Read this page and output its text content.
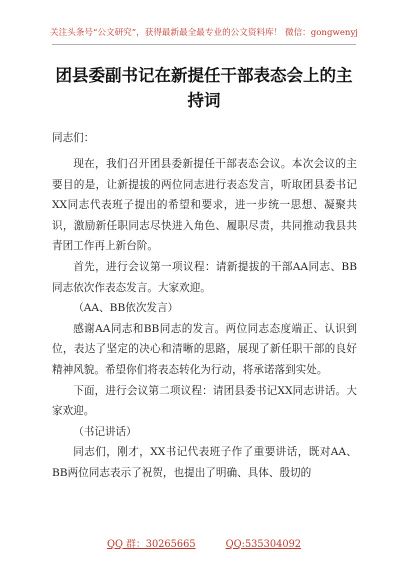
关注头条号“公文研究”，获得最新最全最专业的公文资料库！ 微信：gongwenyj
团县委副书记在新提任干部表态会上的主持词

同志们：

现在，我们召开团县委新提任干部表态会议。本次会议的主要目的是，让新提拔的两位同志进行表态发言，听取团县委书记XX同志代表班子提出的希望和要求，进一步统一思想、凝聚共识，激励新任职同志尽快进入角色、履职尽责，共同推动我县共青团工作再上新台阶。

首先，进行会议第一项议程：请新提拔的干部AA同志、BB同志依次作表态发言。大家欢迎。

（AA、BB依次发言）

感谢AA同志和BB同志的发言。两位同志态度端正、认识到位，表达了坚定的决心和清晰的思路，展现了新任职干部的良好精神风貌。希望你们将表态转化为行动，将承诺落到实处。

下面，进行会议第二项议程：请团县委书记XX同志讲话。大家欢迎。

（书记讲话）

同志们，刚才，XX书记代表班子作了重要讲话，既对AA、BB两位同志表示了祝贺，也提出了明确、具体、殷切的

QQ 群：30265665	QQ:535304092
